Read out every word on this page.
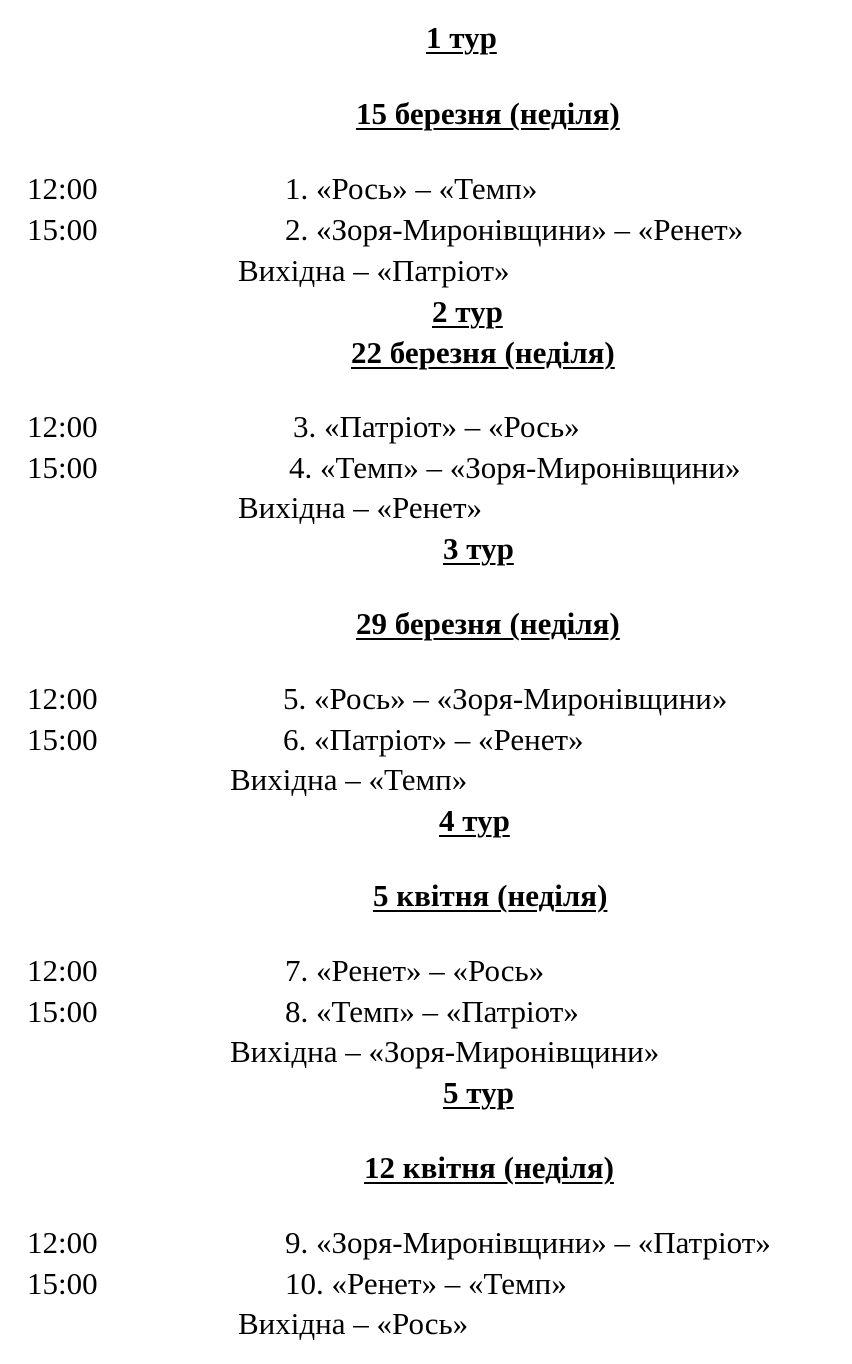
1 тур
15 березня (неділя)
12:00	1. «Рось» – «Темп»
15:00	2. «Зоря-Миронівщини» – «Ренет»
Вихідна – «Патріот»
2 тур
22 березня (неділя)
12:00	3. «Патріот» – «Рось»
15:00	4. «Темп» – «Зоря-Миронівщини»
Вихідна – «Ренет»
3 тур
29 березня (неділя)
12:00	5. «Рось» – «Зоря-Миронівщини»
15:00	6. «Патріот» – «Ренет»
Вихідна – «Темп»
4 тур
5 квітня (неділя)
12:00	7. «Ренет» – «Рось»
15:00	8. «Темп» – «Патріот»
Вихідна – «Зоря-Миронівщини»
5 тур
12 квітня (неділя)
12:00	9. «Зоря-Миронівщини» – «Патріот»
15:00	10. «Ренет» – «Темп»
Вихідна – «Рось»
